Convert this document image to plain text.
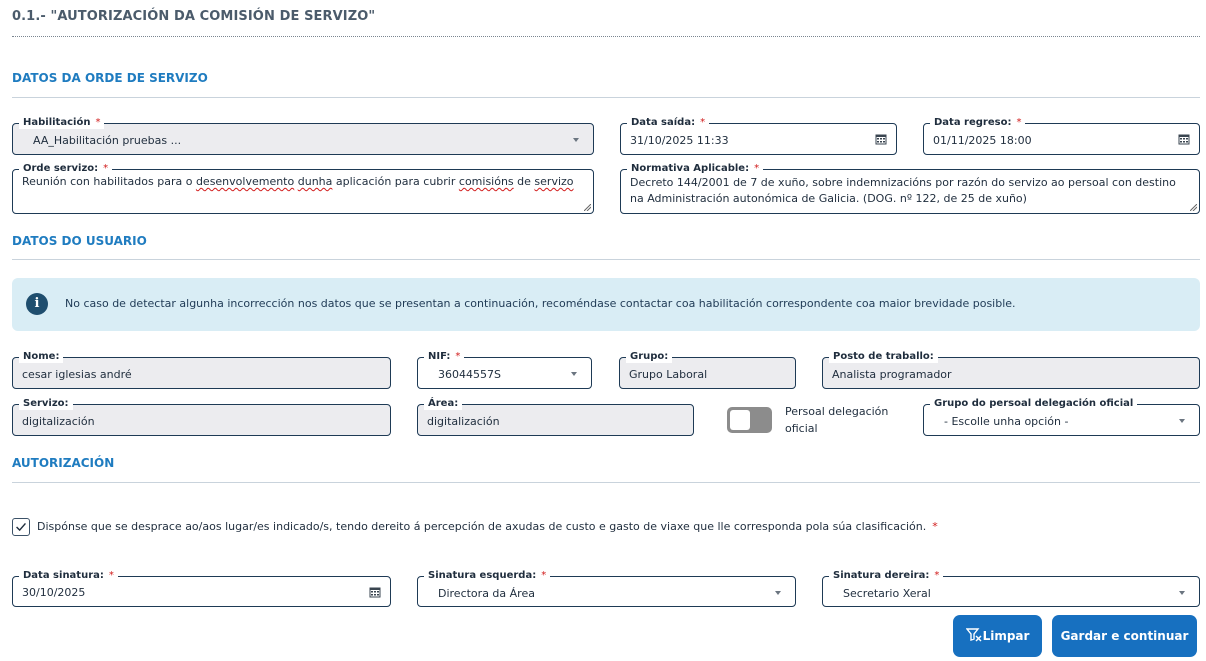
0.1.- "AUTORIZACIÓN DA COMISIÓN DE SERVIZO"
DATOS DA ORDE DE SERVIZO
Habilitación *
AA_Habilitación pruebas ...
Data saída: *
31/10/2025 11:33
Data regreso: *
01/11/2025 18:00
Orde servizo: *
Reunión con habilitados para o desenvolvemento dunha aplicación para cubrir comisións de servizo
Normativa Aplicable: *
Decreto 144/2001 de 7 de xuño, sobre indemnizacións por razón do servizo ao persoal con destino
na Administración autonómica de Galicia. (DOG. nº 122, de 25 de xuño)
DATOS DO USUARIO
i	No caso de detectar algunha incorrección nos datos que se presentan a continuación, recoméndase contactar coa habilitación correspondente coa maior brevidade posible.
Nome:
cesar iglesias andré
NIF: *
36044557S
Grupo:
Grupo Laboral
Posto de traballo:
Analista programador
Servizo:
digitalización
Área:
digitalización
Persoal delegación oficial
Grupo do persoal delegación oficial
- Escolle unha opción -
AUTORIZACIÓN
Dispónse que se desprace ao/aos lugar/es indicado/s, tendo dereito á percepción de axudas de custo e gasto de viaxe que lle corresponda pola súa clasificación. *
Data sinatura: *
30/10/2025
Sinatura esquerda: *
Directora da Área
Sinatura dereira: *
Secretario Xeral
Limpar	Gardar e continuar
